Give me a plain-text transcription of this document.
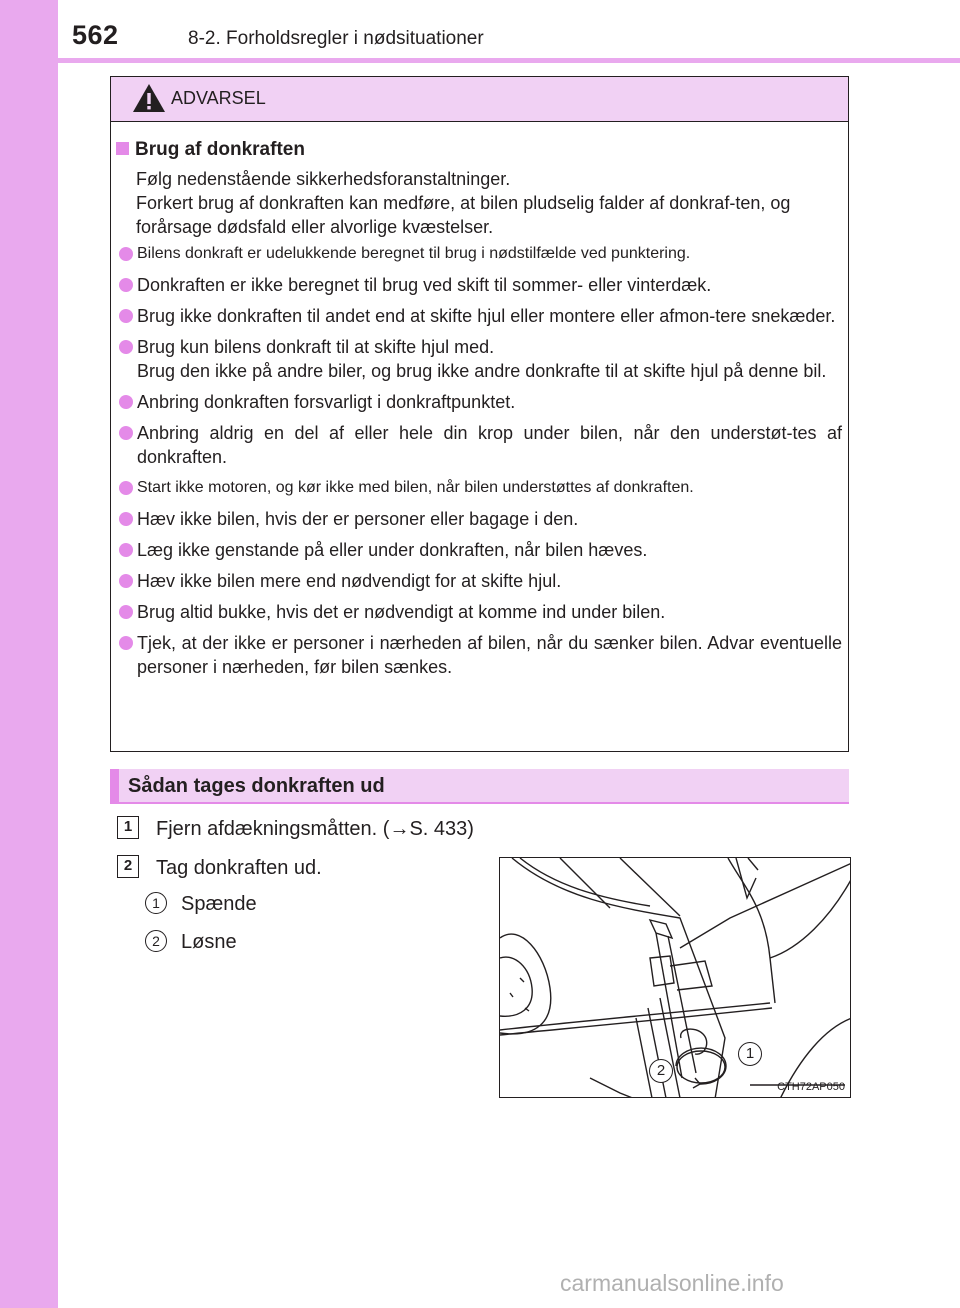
562	8-2. Forholdsregler i nødsituationer
ADVARSEL
Brug af donkraften
Følg nedenstående sikkerhedsforanstaltninger.
Forkert brug af donkraften kan medføre, at bilen pludselig falder af donkraf-ten, og forårsage dødsfald eller alvorlige kvæstelser.
Bilens donkraft er udelukkende beregnet til brug i nødstilfælde ved punktering.
Donkraften er ikke beregnet til brug ved skift til sommer- eller vinterdæk.
Brug ikke donkraften til andet end at skifte hjul eller montere eller afmon-tere snekæder.
Brug kun bilens donkraft til at skifte hjul med.
Brug den ikke på andre biler, og brug ikke andre donkrafte til at skifte hjul på denne bil.
Anbring donkraften forsvarligt i donkraftpunktet.
Anbring aldrig en del af eller hele din krop under bilen, når den understøt-tes af donkraften.
Start ikke motoren, og kør ikke med bilen, når bilen understøttes af donkraften.
Hæv ikke bilen, hvis der er personer eller bagage i den.
Læg ikke genstande på eller under donkraften, når bilen hæves.
Hæv ikke bilen mere end nødvendigt for at skifte hjul.
Brug altid bukke, hvis det er nødvendigt at komme ind under bilen.
Tjek, at der ikke er personer i nærheden af bilen, når du sænker bilen. Advar eventuelle personer i nærheden, før bilen sænkes.
Sådan tages donkraften ud
1	Fjern afdækningsmåtten. (→S. 433)
2	Tag donkraften ud.
1 Spænde
2 Løsne
1
2
CTH72AP050
carmanualsonline.info
